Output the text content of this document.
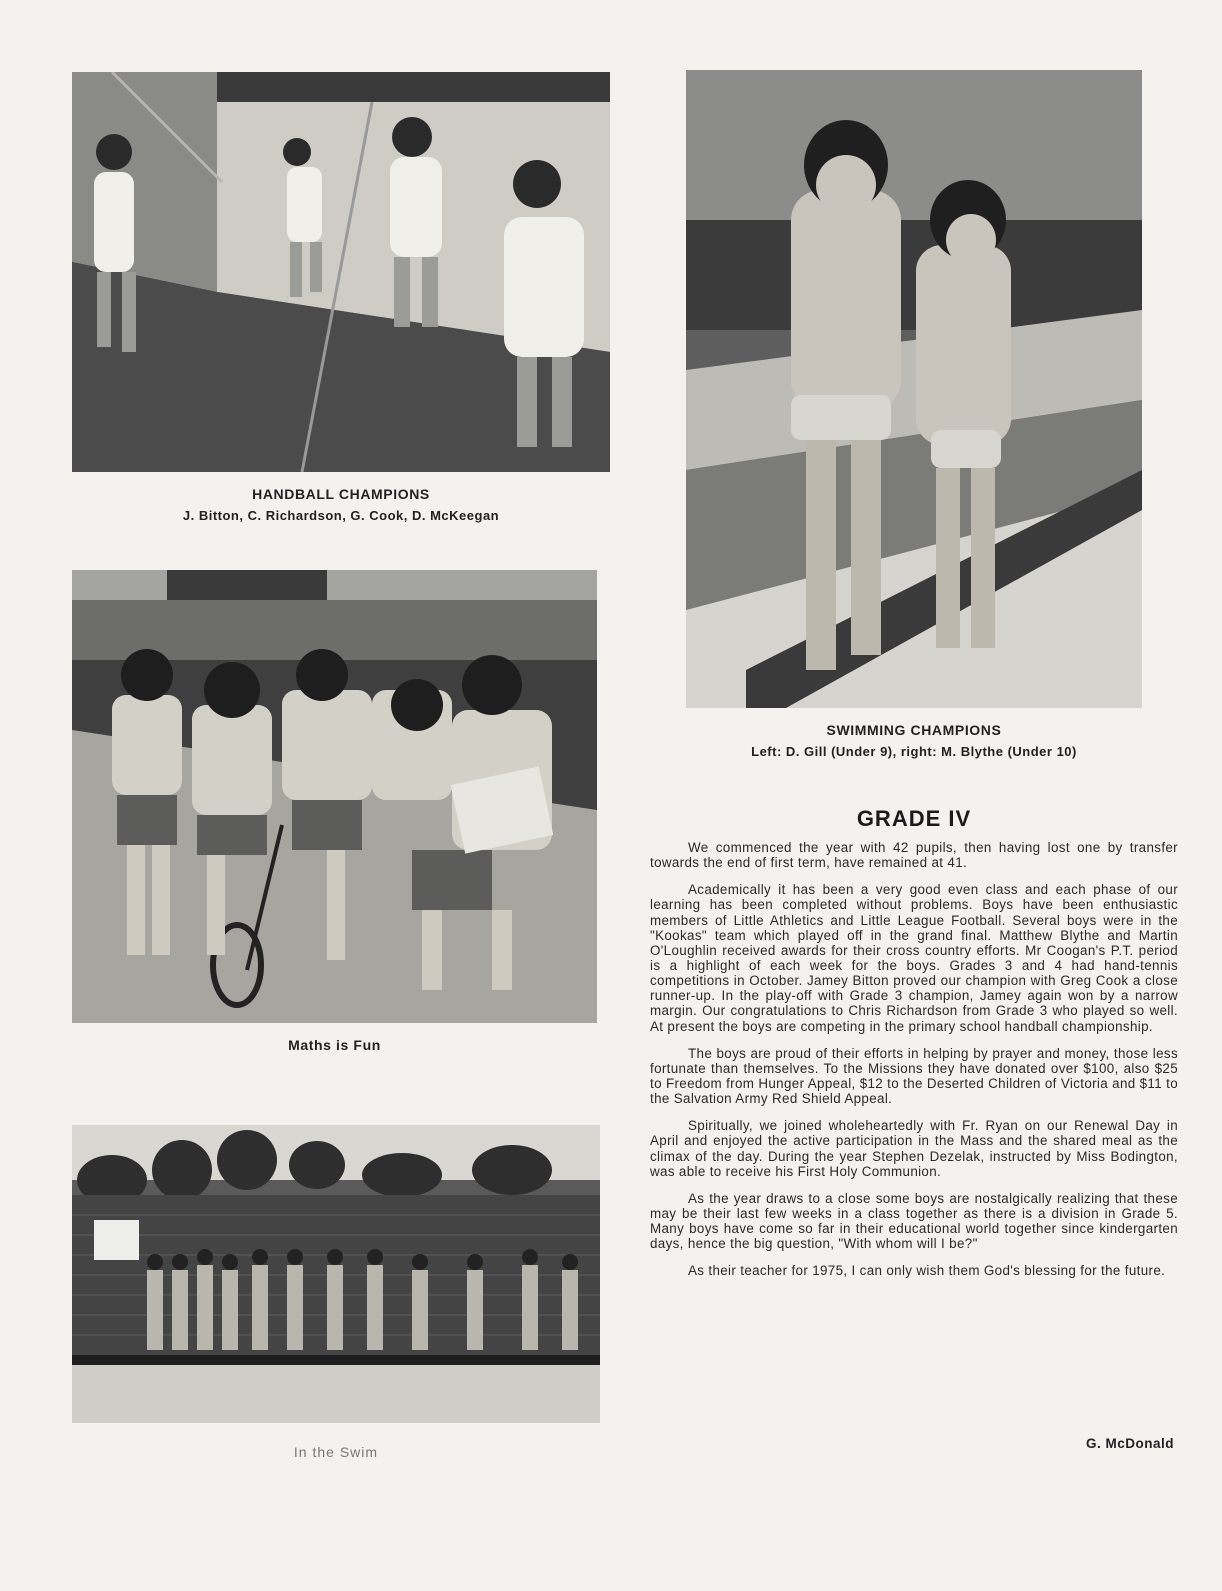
HANDBALL CHAMPIONS
J. Bitton, C. Richardson, G. Cook, D. McKeegan
SWIMMING CHAMPIONS
Left: D. Gill (Under 9), right: M. Blythe (Under 10)
Maths is Fun
In the Swim
GRADE IV

We commenced the year with 42 pupils, then having lost one by transfer towards the end of first term, have remained at 41.

Academically it has been a very good even class and each phase of our learning has been completed without problems. Boys have been enthusiastic members of Little Athletics and Little League Football. Several boys were in the "Kookas" team which played off in the grand final. Matthew Blythe and Martin O'Loughlin received awards for their cross country efforts. Mr Coogan's P.T. period is a highlight of each week for the boys. Grades 3 and 4 had hand-tennis competitions in October. Jamey Bitton proved our champion with Greg Cook a close runner-up. In the play-off with Grade 3 champion, Jamey again won by a narrow margin. Our congratulations to Chris Richardson from Grade 3 who played so well. At present the boys are competing in the primary school handball championship.

The boys are proud of their efforts in helping by prayer and money, those less fortunate than themselves. To the Missions they have donated over $100, also $25 to Freedom from Hunger Appeal, $12 to the Deserted Children of Victoria and $11 to the Salvation Army Red Shield Appeal.

Spiritually, we joined wholeheartedly with Fr. Ryan on our Renewal Day in April and enjoyed the active participation in the Mass and the shared meal as the climax of the day. During the year Stephen Dezelak, instructed by Miss Bodington, was able to receive his First Holy Communion.

As the year draws to a close some boys are nostalgically realizing that these may be their last few weeks in a class together as there is a division in Grade 5. Many boys have come so far in their educational world together since kindergarten days, hence the big question, "With whom will I be?"

As their teacher for 1975, I can only wish them God's blessing for the future.

G. McDonald
